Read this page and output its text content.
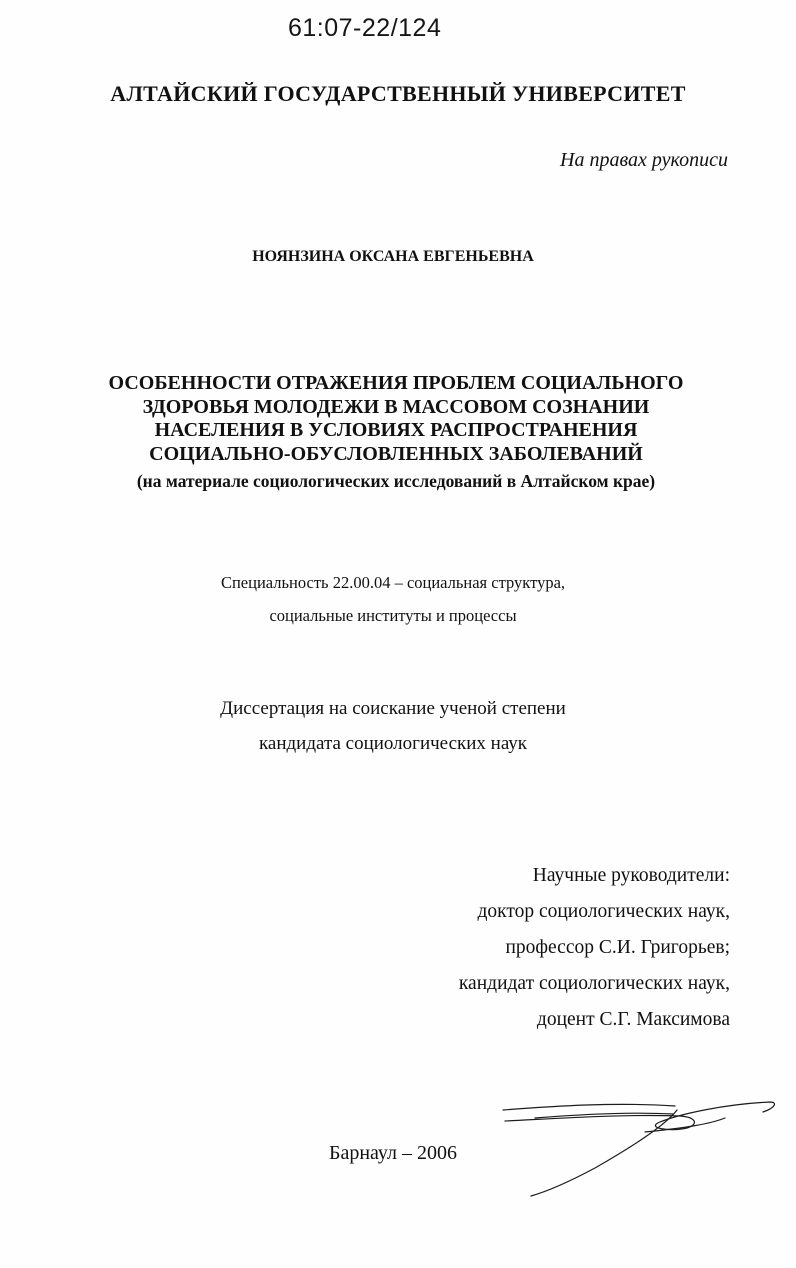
61:07-22/124
АЛТАЙСКИЙ ГОСУДАРСТВЕННЫЙ УНИВЕРСИТЕТ
На правах рукописи
НОЯНЗИНА ОКСАНА ЕВГЕНЬЕВНА
ОСОБЕННОСТИ ОТРАЖЕНИЯ ПРОБЛЕМ СОЦИАЛЬНОГО
ЗДОРОВЬЯ МОЛОДЕЖИ В МАССОВОМ СОЗНАНИИ
НАСЕЛЕНИЯ В УСЛОВИЯХ РАСПРОСТРАНЕНИЯ
СОЦИАЛЬНО-ОБУСЛОВЛЕННЫХ ЗАБОЛЕВАНИЙ
(на материале социологических исследований в Алтайском крае)
Специальность 22.00.04 – социальная структура,
социальные институты и процессы
Диссертация на соискание ученой степени
кандидата социологических наук
Научные руководители:
доктор социологических наук,
профессор С.И. Григорьев;
кандидат социологических наук,
доцент С.Г. Максимова
Барнаул – 2006
